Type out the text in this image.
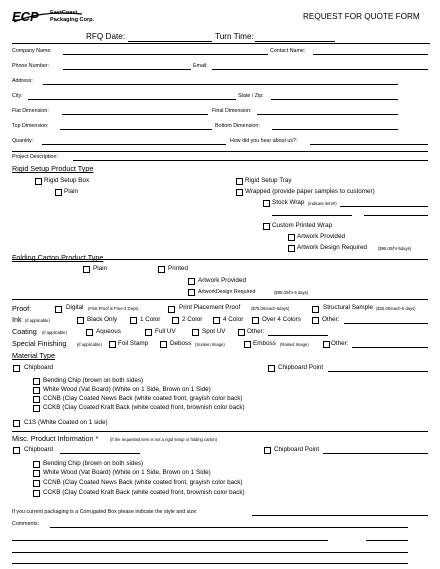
ECP EastCoast
Packaging Corp.	REQUEST FOR QUOTE FORM
RFQ Date:	Turn Time:
Company Name:	Contact Name:
Phone Number:	Email:
Address:
City:	State / Zip:
Flat Dimension:	Final Dimension:
Top Dimension:	Bottom Dimension:
Quantity:	How did you hear about us?:
Project Description:
Rigid Setup Product Type
Rigid Setup Box
Plain
Rigid Setup Tray
Wrapped (provide paper samples to customer)
Stock Wrap (indicate item#)
Custom Printed Wrap
Artwork Provided
Artwork Design Required	($95.00/hr-5days)
Folding Carton Product Type
Plain	Printed
Artwork Provided
ArtworkDesign Required	($95.00/hr-5 days)
Proof:	Digital (First Proof is Free-3 Days)	Print Placement Proof	($75.00/each-5days)	Structural Sample ($25.00/each-5 days)
Ink (if applicable)	Black Only	1 Color	2 Color	4 Color	Over 4 Colors	Other:
Coating (if applicable)	Aqueous	Full UV	Spot UV	Other:
Special Finishing	(if applicable)	Foil Stamp	Deboss (Sunken Image)	Emboss (Raised Image)	Other:
Material Type
Chipboard	Chipboard Point
Bending Chip (brown on both sides)
White Wood (Vat Board) (White on 1 Side, Brown on 1 Side)
CCNB (Clay Coated News Back (white coated front, grayish color back)
CCKB (Clay Coated Kraft Back (white coated front, brownish color back)
C1S (White Coated on 1 side)
Misc. Product Information *	(if the requested item is not a rigid setup or folding carton)
Chipboard	Chipboard Point
Bending Chip (brown on both sides)
White Wood (Vat Board) (White on 1 Side, Brown on 1 Side)
CCNB (Clay Coated News Back (white coated front, grayish color back)
CCKB (Clay Coated Kraft Back (white coated front, brownish color back)
If you current packaging is a Corrugated Box please indicate the style and size:
Comments:
